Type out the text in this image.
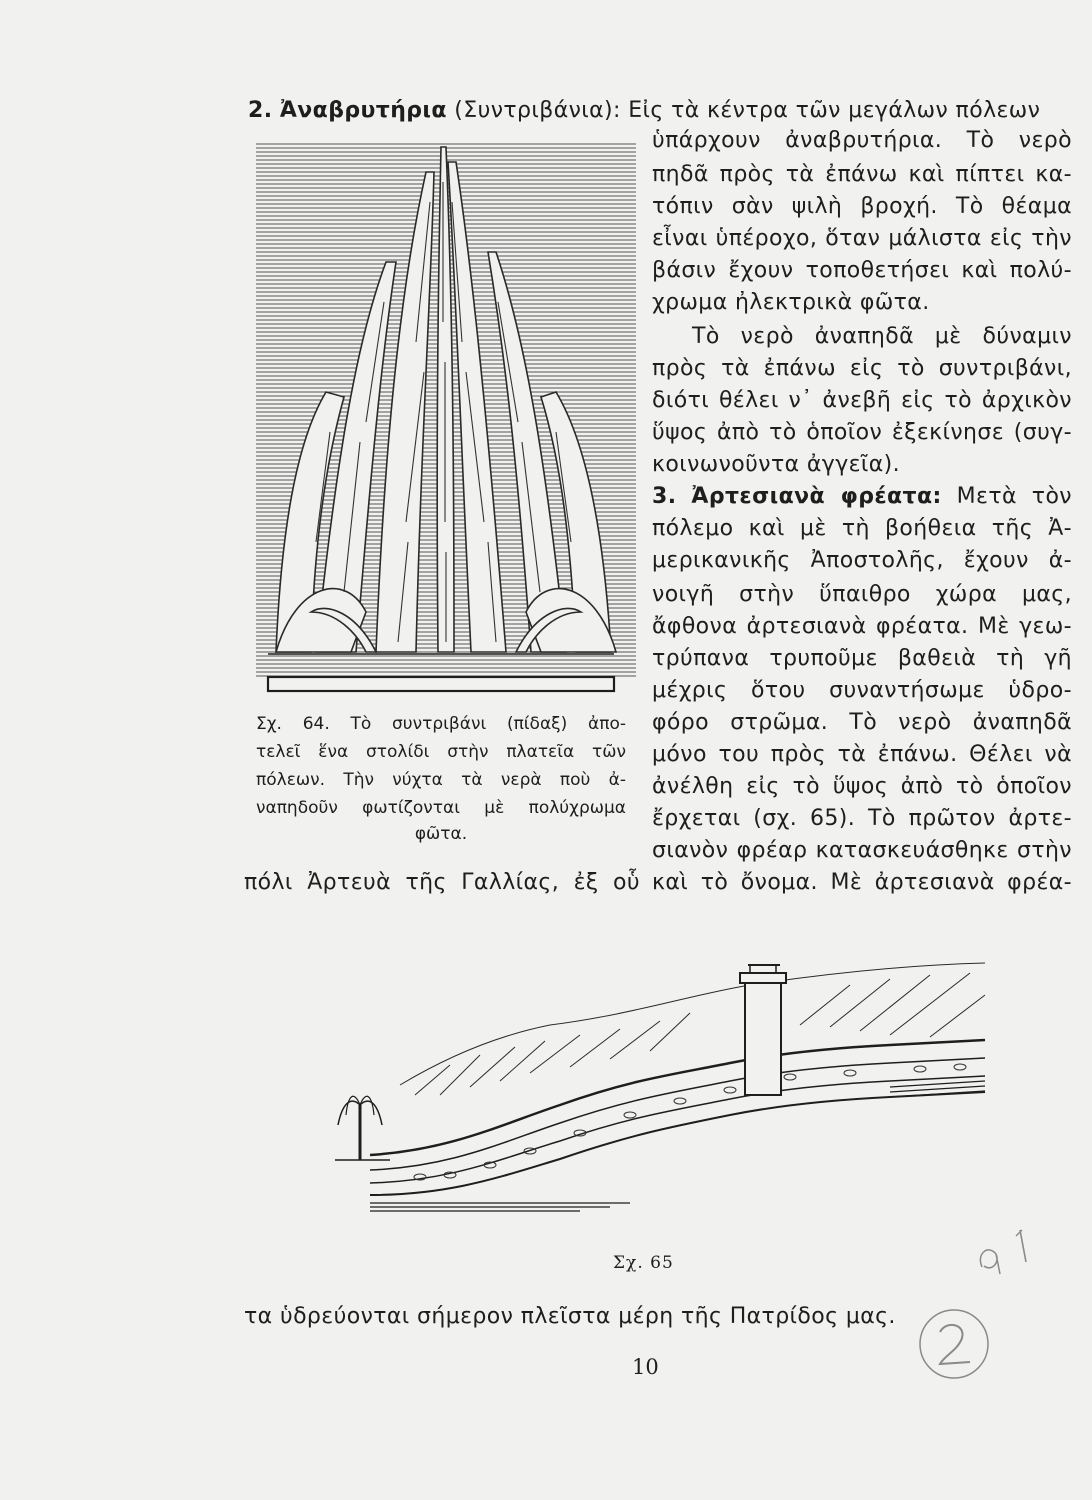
2. Ἀναβρυτήρια (Συντριβάνια): Εἰς τὰ κέντρα τῶν μεγάλων πόλεων
ὑπάρχουν ἀναβρυτήρια. Τὸ νερὸ
πηδᾶ πρὸς τὰ ἐπάνω καὶ πίπτει κα-
τόπιν σὰν ψιλὴ βροχή. Τὸ θέαμα
εἶναι ὑπέροχο, ὅταν μάλιστα εἰς τὴν
βάσιν ἔχουν τοποθετήσει καὶ πολύ-
χρωμα ἠλεκτρικὰ φῶτα.
Τὸ νερὸ ἀναπηδᾶ μὲ δύναμιν
πρὸς τὰ ἐπάνω εἰς τὸ συντριβάνι,
διότι θέλει ν᾿ ἀνεβῆ εἰς τὸ ἀρχικὸν
ὕψος ἀπὸ τὸ ὁποῖον ἐξεκίνησε (συγ-
κοινωνοῦντα ἀγγεῖα).
3. Ἀρτεσιανὰ φρέατα: Μετὰ τὸν
πόλεμο καὶ μὲ τὴ βοήθεια τῆς Ἀ-
μερικανικῆς Ἀποστολῆς, ἔχουν ἀ-
νοιγῆ στὴν ὕπαιθρο χώρα μας,
ἄφθονα ἀρτεσιανὰ φρέατα. Μὲ γεω-
τρύπανα τρυποῦμε βαθειὰ τὴ γῆ
μέχρις ὅτου συναντήσωμε ὑδρο-
φόρο στρῶμα. Τὸ νερὸ ἀναπηδᾶ
μόνο του πρὸς τὰ ἐπάνω. Θέλει νὰ
ἀνέλθη εἰς τὸ ὕψος ἀπὸ τὸ ὁποῖον
ἔρχεται (σχ. 65). Τὸ πρῶτον ἀρτε-
σιανὸν φρέαρ κατασκευάσθηκε στὴν
καὶ τὸ ὄνομα. Μὲ ἀρτεσιανὰ φρέα-
Σχ. 64. Τὸ συντριβάνι (πίδαξ) ἀπο-
τελεῖ ἕνα στολίδι στὴν πλατεῖα τῶν
πόλεων. Τὴν νύχτα τὰ νερὰ ποὺ ἀ-
ναπηδοῦν φωτίζονται μὲ πολύχρωμα
φῶτα.
πόλι Ἀρτευὰ τῆς Γαλλίας, ἐξ οὗ
Σχ. 65
τα ὑδρεύονται σήμερον πλεῖστα μέρη τῆς Πατρίδος μας.
10
